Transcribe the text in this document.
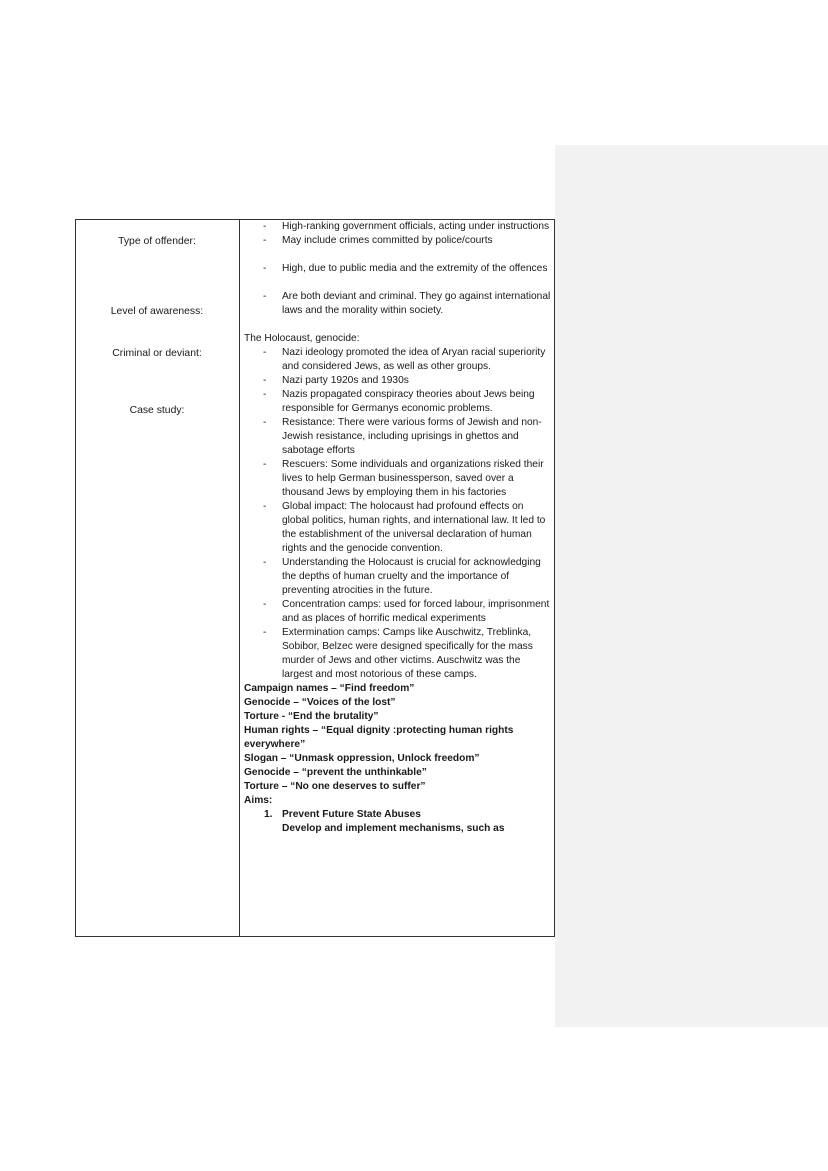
Type of offender:
Level of awareness:
Criminal or deviant:
Case study:
- High-ranking government officials, acting under instructions
- May include crimes committed by police/courts
- High, due to public media and the extremity of the offences
- Are both deviant and criminal. They go against international laws and the morality within society.
The Holocaust, genocide:
- Nazi ideology promoted the idea of Aryan racial superiority and considered Jews, as well as other groups.
- Nazi party 1920s and 1930s
- Nazis propagated conspiracy theories about Jews being responsible for Germanys economic problems.
- Resistance: There were various forms of Jewish and non-Jewish resistance, including uprisings in ghettos and sabotage efforts
- Rescuers: Some individuals and organizations risked their lives to help German businessperson, saved over a thousand Jews by employing them in his factories
- Global impact: The holocaust had profound effects on global politics, human rights, and international law. It led to the establishment of the universal declaration of human rights and the genocide convention.
- Understanding the Holocaust is crucial for acknowledging the depths of human cruelty and the importance of preventing atrocities in the future.
- Concentration camps: used for forced labour, imprisonment and as places of horrific medical experiments
- Extermination camps: Camps like Auschwitz, Treblinka, Sobibor, Belzec were designed specifically for the mass murder of Jews and other victims. Auschwitz was the largest and most notorious of these camps.
Campaign names – “Find freedom”
Genocide – “Voices of the lost”
Torture - “End the brutality”
Human rights – “Equal dignity :protecting human rights everywhere”
Slogan – “Unmask oppression, Unlock freedom”
Genocide – “prevent the unthinkable”
Torture – “No one deserves to suffer”
Aims:
1. Prevent Future State Abuses
Develop and implement mechanisms, such as
